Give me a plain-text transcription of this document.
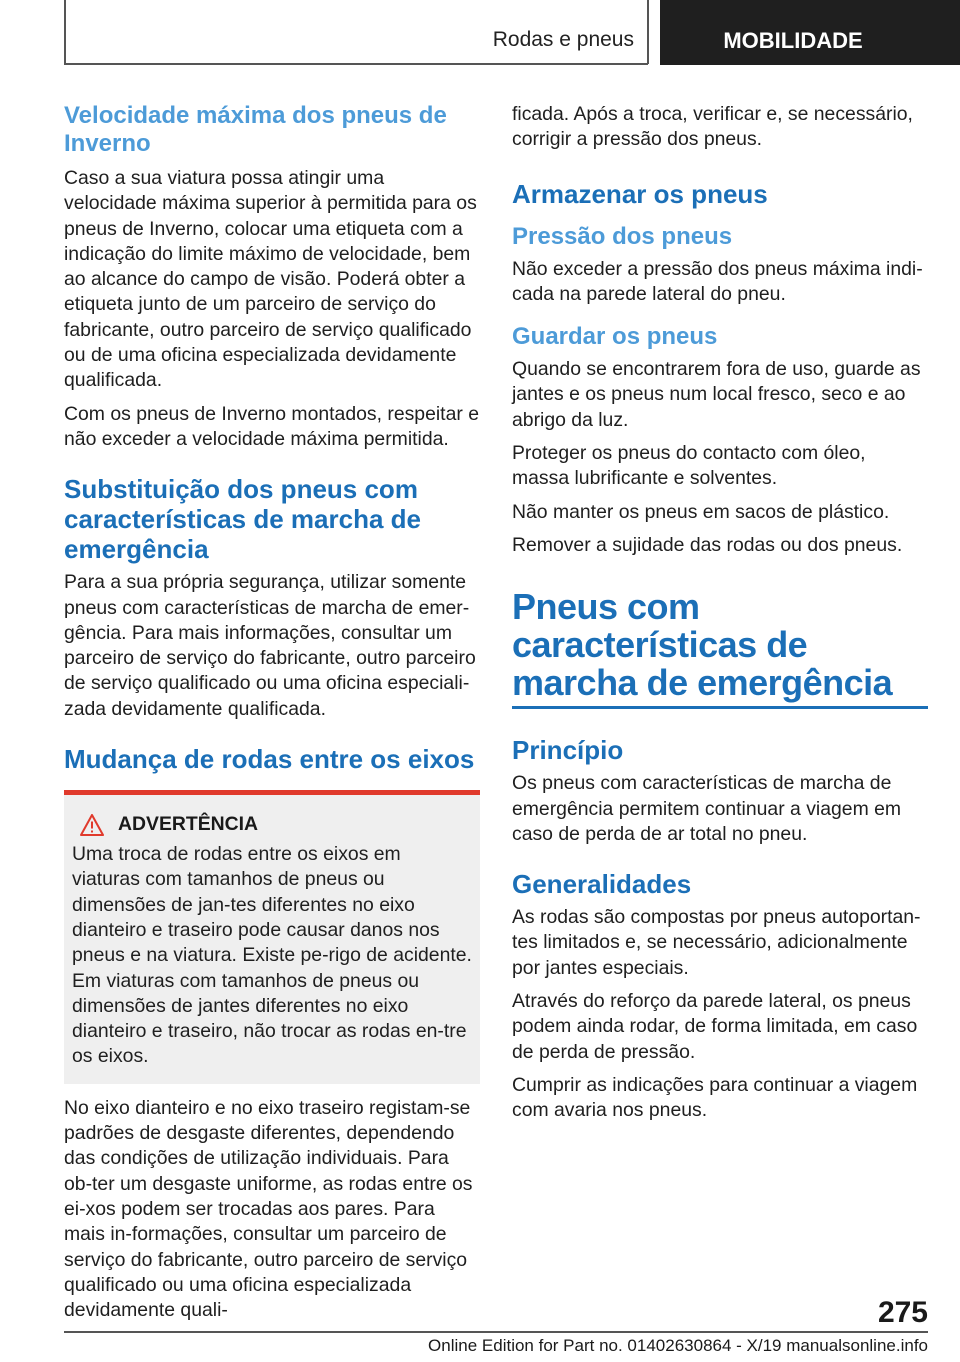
Rodas e pneus	MOBILIDADE
Velocidade máxima dos pneus de Inverno

Caso a sua viatura possa atingir uma velocidade máxima superior à permitida para os pneus de Inverno, colocar uma etiqueta com a indicação do limite máximo de velocidade, bem ao alcance do campo de visão. Poderá obter a etiqueta junto de um parceiro de serviço do fabricante, outro parceiro de serviço qualificado ou de uma oficina especializada devidamente qualificada.

Com os pneus de Inverno montados, respeitar e não exceder a velocidade máxima permitida.

Substituição dos pneus com características de marcha de emergência

Para a sua própria segurança, utilizar somente pneus com características de marcha de emer‐gência. Para mais informações, consultar um parceiro de serviço do fabricante, outro parceiro de serviço qualificado ou uma oficina especiali‐zada devidamente qualificada.

Mudança de rodas entre os eixos
ADVERTÊNCIA

Uma troca de rodas entre os eixos em viaturas com tamanhos de pneus ou dimensões de jan‐tes diferentes no eixo dianteiro e traseiro pode causar danos nos pneus e na viatura. Existe pe‐rigo de acidente. Em viaturas com tamanhos de pneus ou dimensões de jantes diferentes no eixo dianteiro e traseiro, não trocar as rodas en‐tre os eixos.

No eixo dianteiro e no eixo traseiro registam-se padrões de desgaste diferentes, dependendo das condições de utilização individuais. Para ob‐ter um desgaste uniforme, as rodas entre os ei‐xos podem ser trocadas aos pares. Para mais in‐formações, consultar um parceiro de serviço do fabricante, outro parceiro de serviço qualificado ou uma oficina especializada devidamente quali‐

ficada. Após a troca, verificar e, se necessário, corrigir a pressão dos pneus.

Armazenar os pneus
Pressão dos pneus

Não exceder a pressão dos pneus máxima indi‐cada na parede lateral do pneu.

Guardar os pneus

Quando se encontrarem fora de uso, guarde as jantes e os pneus num local fresco, seco e ao abrigo da luz.

Proteger os pneus do contacto com óleo, massa lubrificante e solventes.

Não manter os pneus em sacos de plástico.

Remover a sujidade das rodas ou dos pneus.

Pneus com características de marcha de emergência
Princípio

Os pneus com características de marcha de emergência permitem continuar a viagem em caso de perda de ar total no pneu.

Generalidades

As rodas são compostas por pneus autoportan‐tes limitados e, se necessário, adicionalmente por jantes especiais.

Através do reforço da parede lateral, os pneus podem ainda rodar, de forma limitada, em caso de perda de pressão.

Cumprir as indicações para continuar a viagem com avaria nos pneus.

275
Online Edition for Part no. 01402630864 - X/19 manualsonline.info
